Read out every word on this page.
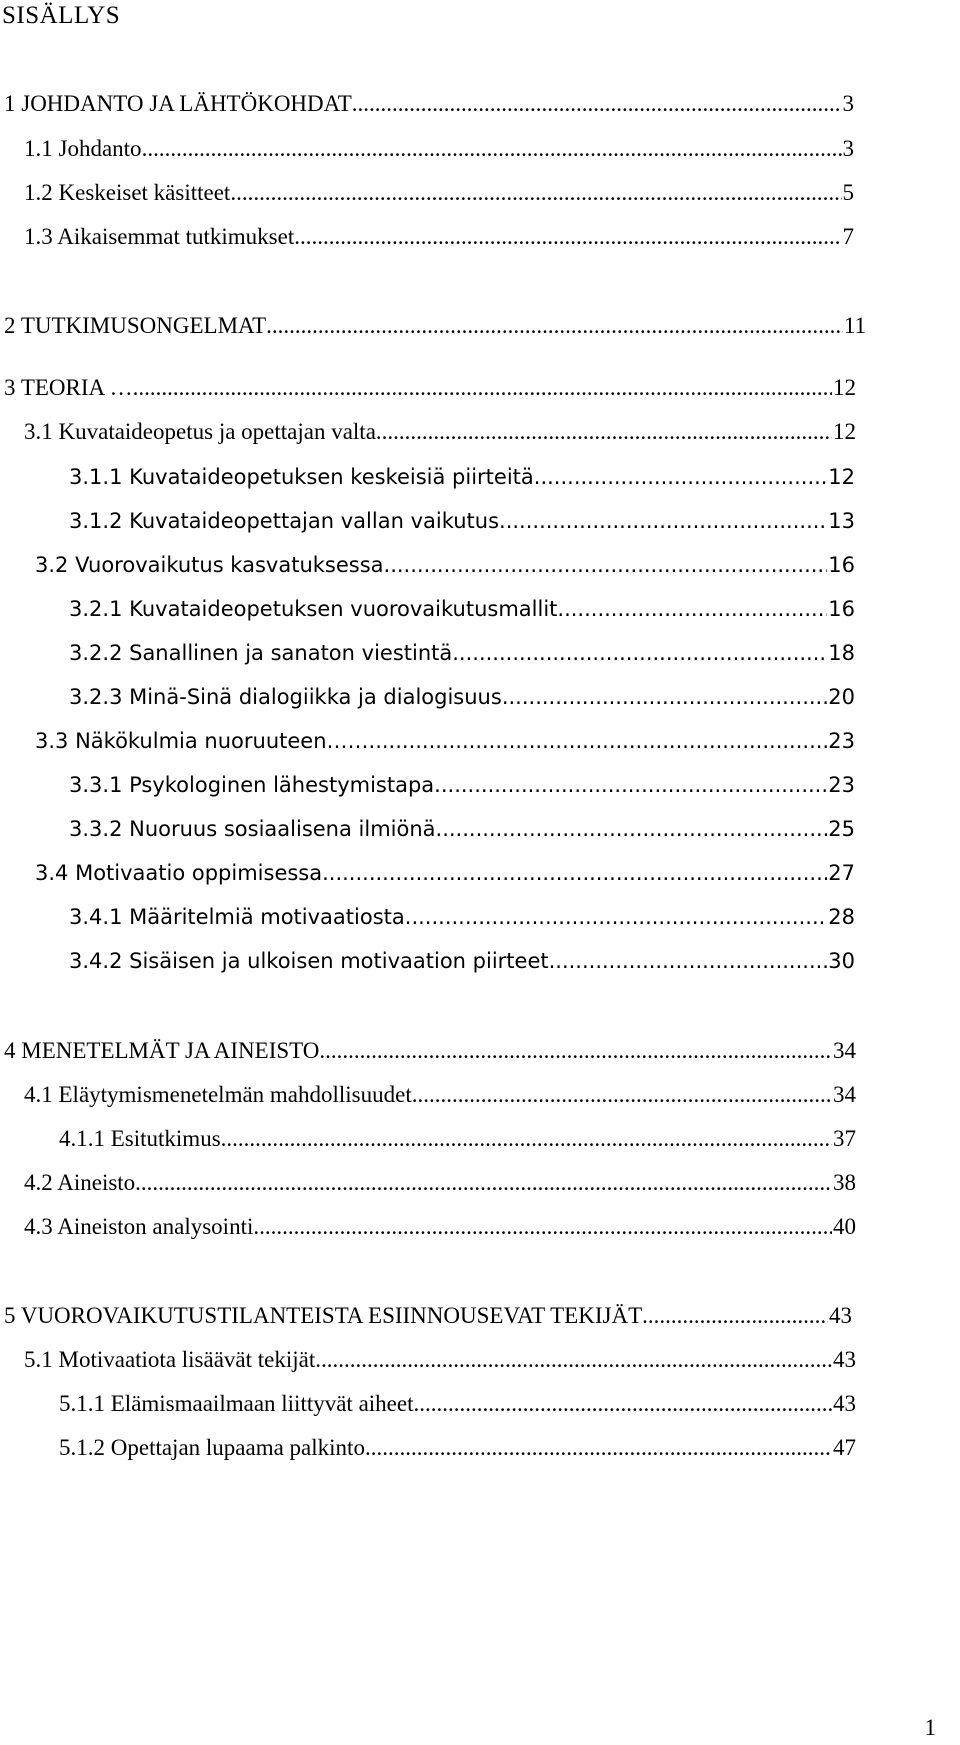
SISÄLLYS
1 JOHDANTO JA LÄHTÖKOHDAT	3
.....
1.1 Johdanto	3
.....
1.2 Keskeiset käsitteet	5
.....
1.3 Aikaisemmat tutkimukset	7
.....
2 TUTKIMUSONGELMAT	11
.....
3 TEORIA …	12
.....
3.1 Kuvataideopetus ja opettajan valta	12
.....
3.1.1 Kuvataideopetuksen keskeisiä piirteitä	12
.....
3.1.2 Kuvataideopettajan vallan vaikutus	13
.....
3.2 Vuorovaikutus kasvatuksessa	16
.....
3.2.1 Kuvataideopetuksen vuorovaikutusmallit	16
.....
3.2.2 Sanallinen ja sanaton viestintä	18
.....
3.2.3 Minä-Sinä dialogiikka ja dialogisuus	20
.....
3.3 Näkökulmia nuoruuteen……	23
.....
3.3.1 Psykologinen lähestymistapa	23
.....
3.3.2 Nuoruus sosiaalisena ilmiönä	25
.....
3.4 Motivaatio oppimisessa	27
.....
3.4.1 Määritelmiä motivaatiosta	28
.....
3.4.2 Sisäisen ja ulkoisen motivaation piirteet	30
.....
4 MENETELMÄT JA AINEISTO	34
.....
4.1 Eläytymismenetelmän mahdollisuudet	34
.....
4.1.1 Esitutkimus	37
.....
4.2 Aineisto	38
.....
4.3 Aineiston analysointi	40
.....
5 VUOROVAIKUTUSTILANTEISTA ESIINNOUSEVAT TEKIJÄT	43
.....
5.1 Motivaatiota lisäävät tekijät	43
.....
5.1.1 Elämismaailmaan liittyvät aiheet	43
.....
5.1.2 Opettajan lupaama palkinto	47
.....
1
